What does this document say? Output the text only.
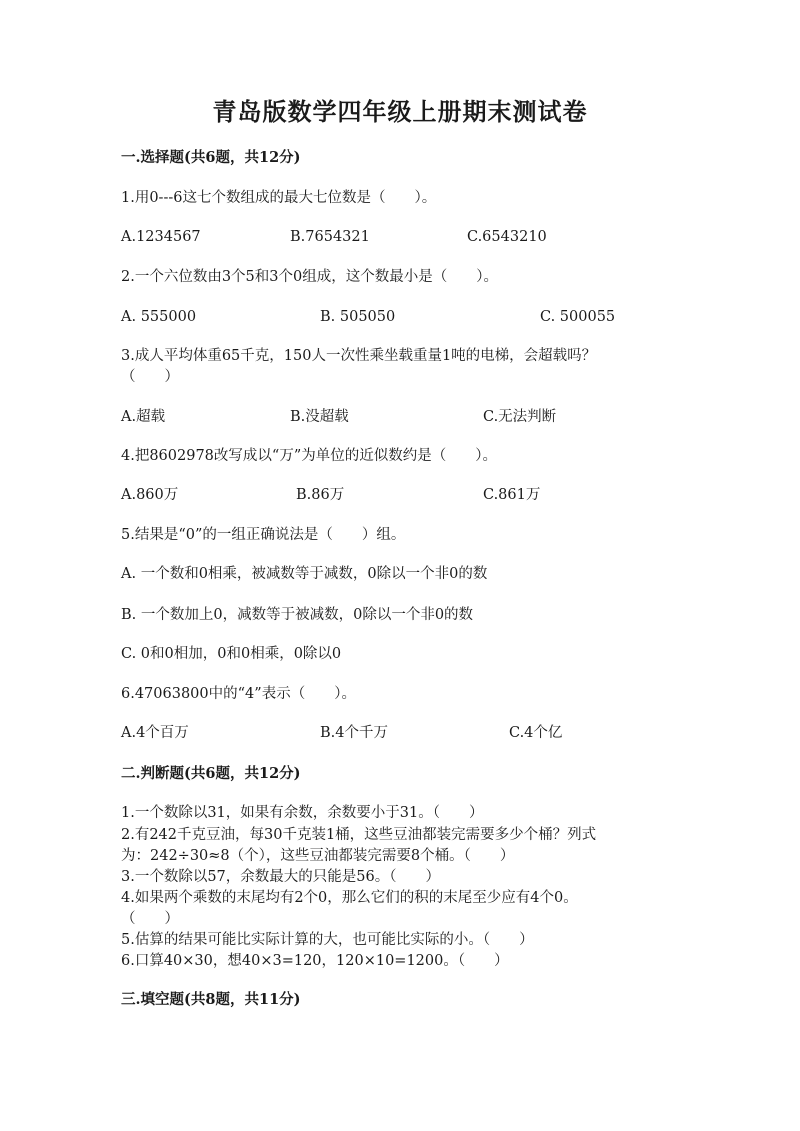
青岛版数学四年级上册期末测试卷
一.选择题(共6题，共12分)
1.用0---6这七个数组成的最大七位数是（　　）。
A.1234567	B.7654321	C.6543210
2.一个六位数由3个5和3个0组成，这个数最小是（　　）。
A. 555000	B. 505050	C. 500055
3.成人平均体重65千克，150人一次性乘坐载重量1吨的电梯，会超载吗？
（　　）
A.超载	B.没超载	C.无法判断
4.把8602978改写成以“万”为单位的近似数约是（　　）。
A.860万	B.86万	C.861万
5.结果是“0”的一组正确说法是（　　）组。
A. 一个数和0相乘，被减数等于减数，0除以一个非0的数
B. 一个数加上0，减数等于被减数，0除以一个非0的数
C. 0和0相加，0和0相乘，0除以0
6.47063800中的“4”表示（　　）。
A.4个百万	B.4个千万	C.4个亿
二.判断题(共6题，共12分)
1.一个数除以31，如果有余数，余数要小于31。（　　）
2.有242千克豆油，每30千克装1桶，这些豆油都装完需要多少个桶？列式
为：242÷30≈8（个），这些豆油都装完需要8个桶。（　　）
3.一个数除以57，余数最大的只能是56。（　　）
4.如果两个乘数的末尾均有2个0，那么它们的积的末尾至少应有4个0。
（　　）
5.估算的结果可能比实际计算的大，也可能比实际的小。（　　）
6.口算40×30，想40×3=120，120×10=1200。（　　）
三.填空题(共8题，共11分)
